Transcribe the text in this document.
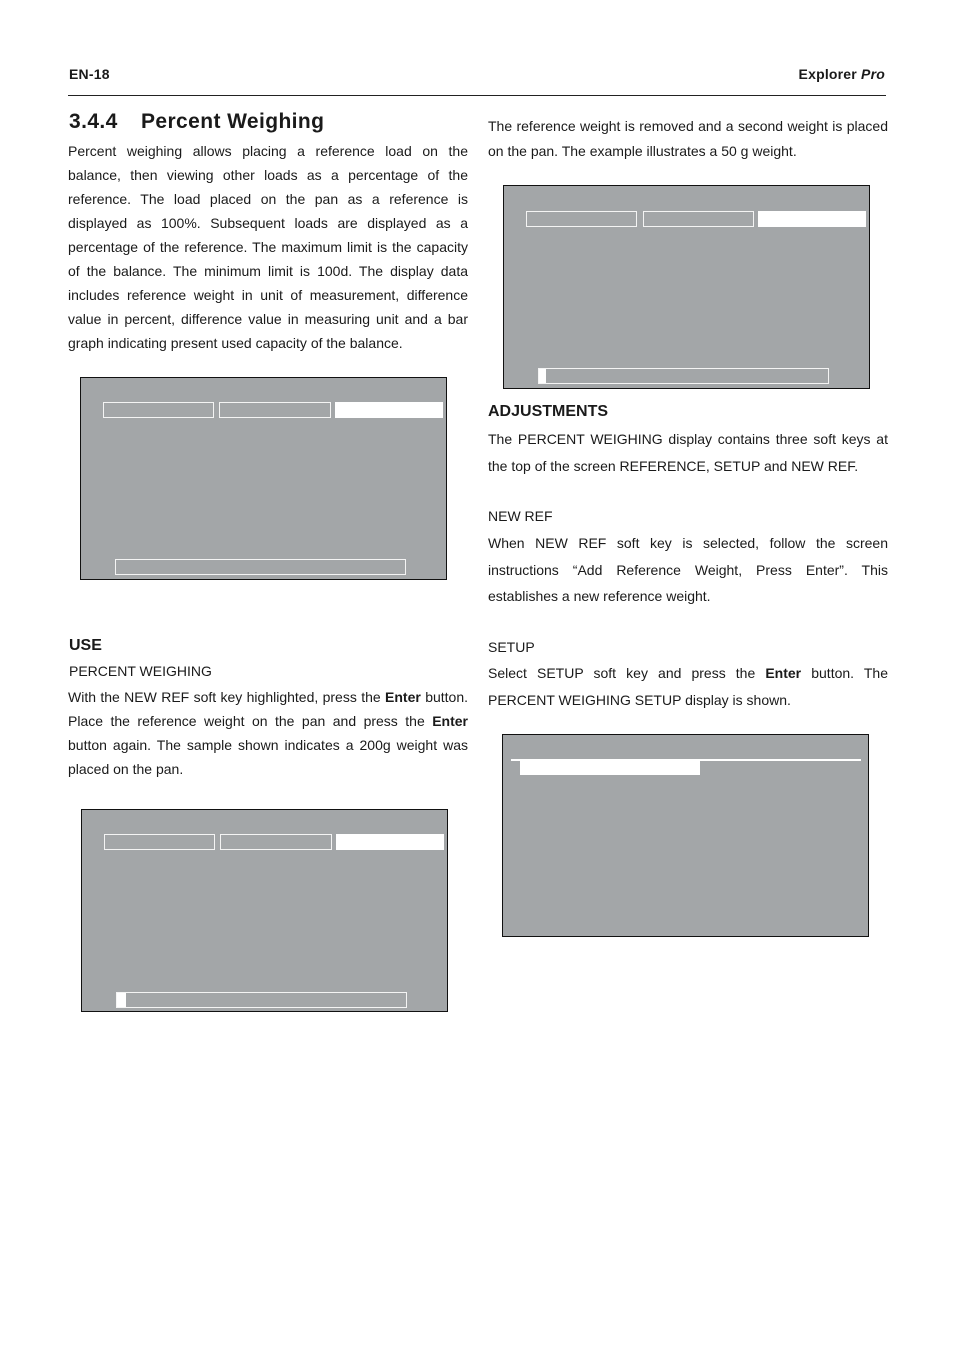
EN-18	Explorer Pro
3.4.4 Percent Weighing

Percent weighing allows placing a reference load on the balance, then viewing other loads as a percentage of the reference. The load placed on the pan as a reference is displayed as 100%. Subsequent loads are displayed as a percentage of the reference. The maximum limit is the capacity of the balance. The minimum limit is 100d. The display data includes reference weight in unit of measurement, difference value in percent, difference value in measuring unit and a bar graph indicating present used capacity of the balance.

USE
PERCENT WEIGHING

With the NEW REF soft key highlighted, press the Enter button. Place the reference weight on the pan and press the Enter button again. The sample shown indicates a 200g weight was placed on the pan.

The reference weight is removed and a second weight is placed on the pan. The example illustrates a 50 g weight.

ADJUSTMENTS

The PERCENT WEIGHING display contains three soft keys at the top of the screen REFERENCE, SETUP and NEW REF.

NEW REF

When NEW REF soft key is selected, follow the screen instructions “Add Reference Weight, Press Enter”. This establishes a new reference weight.

SETUP

Select SETUP soft key and press the Enter button. The PERCENT WEIGHING SETUP display is shown.
